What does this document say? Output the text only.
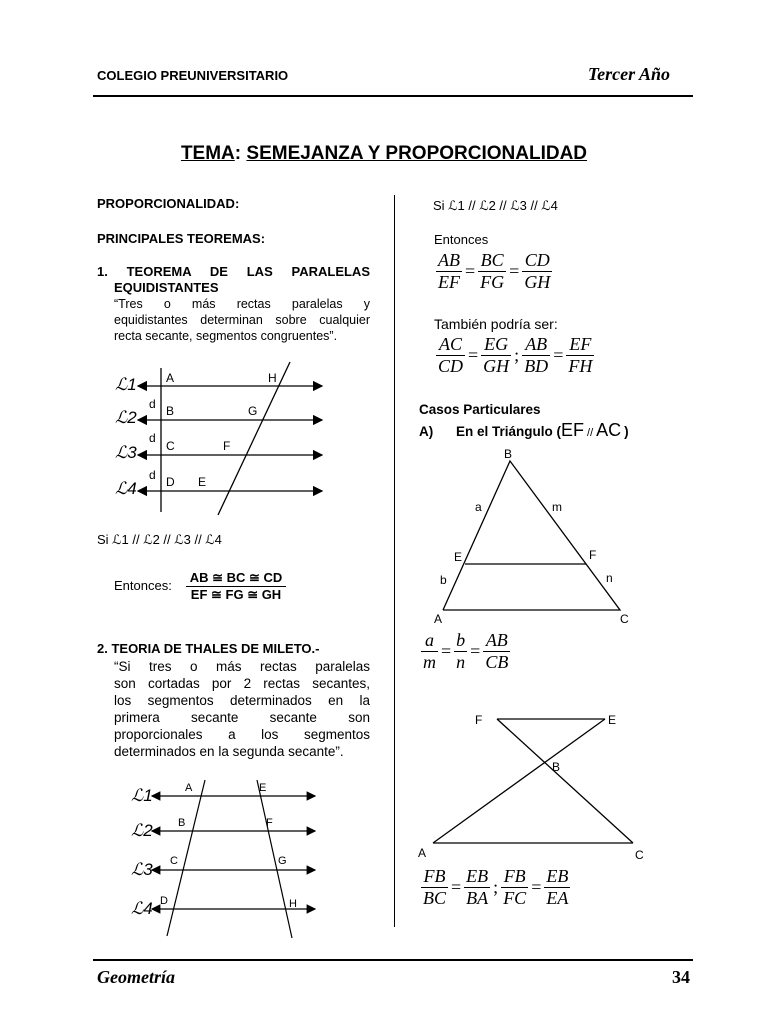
COLEGIO PREUNIVERSITARIO	Tercer Año
TEMA: SEMEJANZA Y PROPORCIONALIDAD
PROPORCIONALIDAD:
PRINCIPALES TEOREMAS:
1. TEOREMA DE LAS PARALELAS
EQUIDISTANTES
“Tres o más rectas paralelas y
equidistantes determinan sobre cualquier
recta secante, segmentos congruentes”.
ℒ1
ℒ2
ℒ3
ℒ4
A
B
C
D
H
G
F
E
d
d
d
Si ℒ1 // ℒ2 // ℒ3 // ℒ4
Entonces:
AB ≅ BC ≅ CD
EF ≅ FG ≅ GH
2. TEORIA DE THALES DE MILETO.-
“Si tres o más rectas paralelas
son cortadas por 2 rectas secantes,
los segmentos determinados en la
primera secante secante son
proporcionales a los segmentos
determinados en la segunda secante”.
ℒ1
ℒ2
ℒ3
ℒ4
A
B
C
D
E
F
G
H
Si ℒ1 // ℒ2 // ℒ3 // ℒ4
Entonces
$\frac{AB}{EF} = \frac{BC}{FG} = \frac{CD}{GH}$
También podría ser:
$\frac{AC}{CD} = \frac{EG}{GH}$ ; $\frac{AB}{BD} = \frac{EF}{FH}$
Casos Particulares
A) En el Triángulo (EF // AC )
B
a	m
E	F
b	n
A	C
$\frac{a}{m} = \frac{b}{n} = \frac{AB}{CB}$
F	E
B
A	C
$\frac{FB}{BC} = \frac{EB}{BA}$ ; $\frac{FB}{FC} = \frac{EB}{EA}$
Geometría	34
